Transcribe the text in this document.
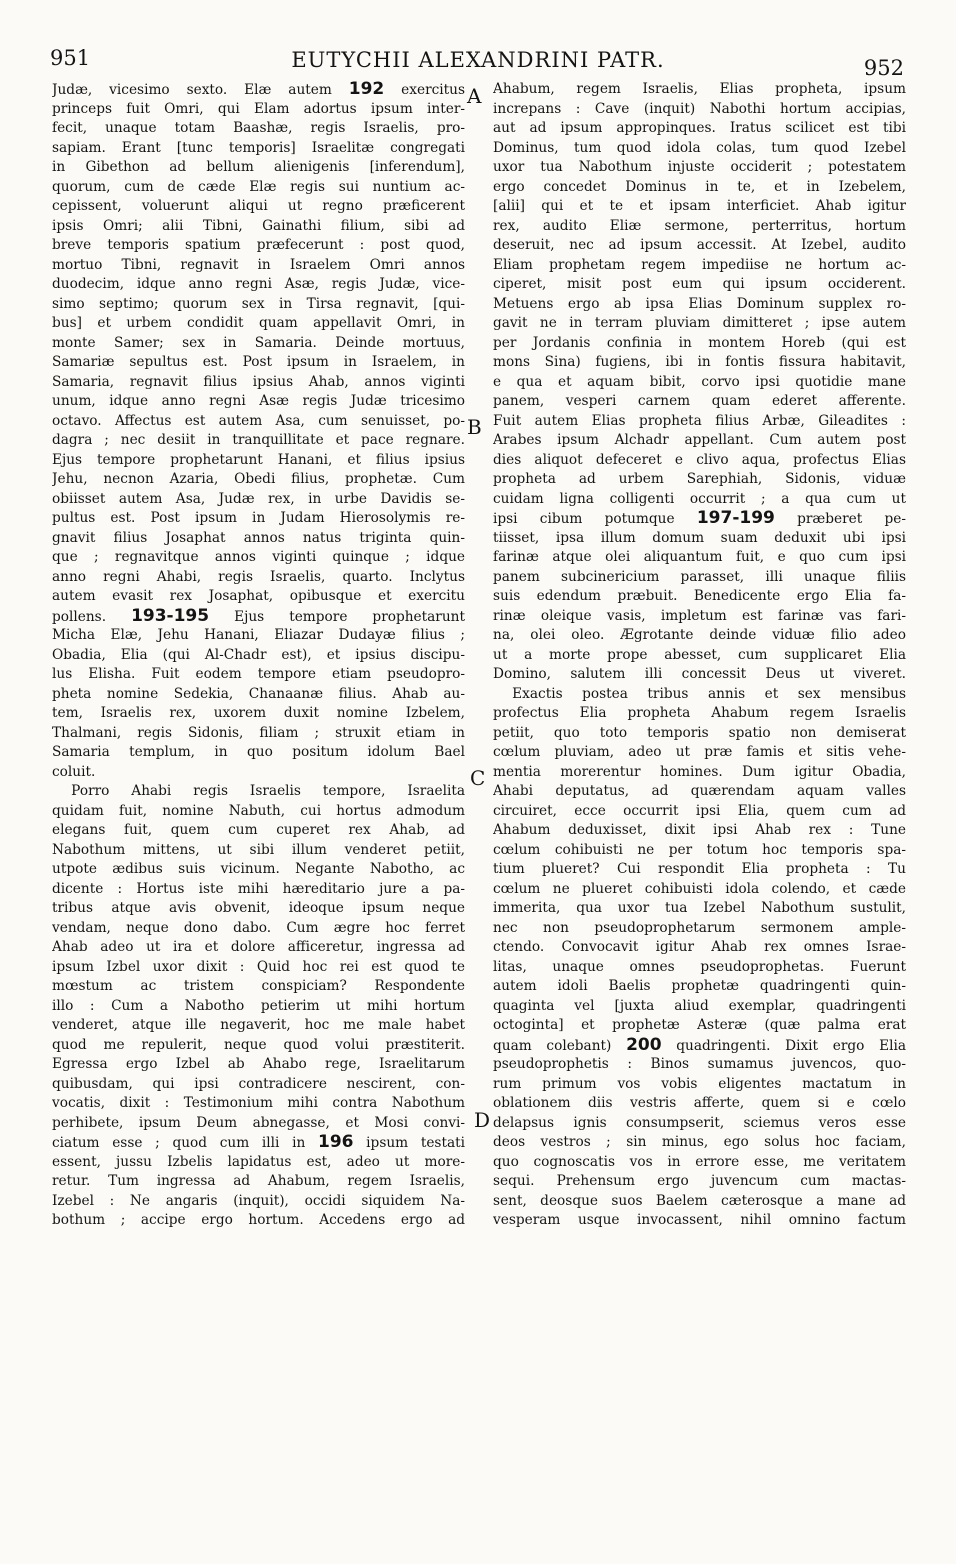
951	EUTYCHII ALEXANDRINI PATR.	952
A
B
C
D
Judæ, vicesimo sexto. Elæ autem 192 exercitus
princeps fuit Omri, qui Elam adortus ipsum inter-
fecit, unaque totam Baashæ, regis Israelis, pro-
sapiam. Erant [tunc temporis] Israelitæ congregati
in Gibethon ad bellum alienigenis [inferendum],
quorum, cum de cæde Elæ regis sui nuntium ac-
cepissent, voluerunt aliqui ut regno præficerent
ipsis Omri; alii Tibni, Gainathi filium, sibi ad
breve temporis spatium præfecerunt : post quod,
mortuo Tibni, regnavit in Israelem Omri annos
duodecim, idque anno regni Asæ, regis Judæ, vice-
simo septimo; quorum sex in Tirsa regnavit, [qui-
bus] et urbem condidit quam appellavit Omri, in
monte Samer; sex in Samaria. Deinde mortuus,
Samariæ sepultus est. Post ipsum in Israelem, in
Samaria, regnavit filius ipsius Ahab, annos viginti
unum, idque anno regni Asæ regis Judæ tricesimo
octavo. Affectus est autem Asa, cum senuisset, po-
dagra ; nec desiit in tranquillitate et pace regnare.
Ejus tempore prophetarunt Hanani, et filius ipsius
Jehu, necnon Azaria, Obedi filius, prophetæ. Cum
obiisset autem Asa, Judæ rex, in urbe Davidis se-
pultus est. Post ipsum in Judam Hierosolymis re-
gnavit filius Josaphat annos natus triginta quin-
que ; regnavitque annos viginti quinque ; idque
anno regni Ahabi, regis Israelis, quarto. Inclytus
autem evasit rex Josaphat, opibusque et exercitu
pollens. 193-195 Ejus tempore prophetarunt
Micha Elæ, Jehu Hanani, Eliazar Dudayæ filius ;
Obadia, Elia (qui Al-Chadr est), et ipsius discipu-
lus Elisha. Fuit eodem tempore etiam pseudopro-
pheta nomine Sedekia, Chanaanæ filius. Ahab au-
tem, Israelis rex, uxorem duxit nomine Izbelem,
Thalmani, regis Sidonis, filiam ; struxit etiam in
Samaria templum, in quo positum idolum Bael
coluit.
Porro Ahabi regis Israelis tempore, Israelita
quidam fuit, nomine Nabuth, cui hortus admodum
elegans fuit, quem cum cuperet rex Ahab, ad
Nabothum mittens, ut sibi illum venderet petiit,
utpote ædibus suis vicinum. Negante Nabotho, ac
dicente : Hortus iste mihi hæreditario jure a pa-
tribus atque avis obvenit, ideoque ipsum neque
vendam, neque dono dabo. Cum ægre hoc ferret
Ahab adeo ut ira et dolore afficeretur, ingressa ad
ipsum Izbel uxor dixit : Quid hoc rei est quod te
mœstum ac tristem conspiciam? Respondente
illo : Cum a Nabotho petierim ut mihi hortum
venderet, atque ille negaverit, hoc me male habet
quod me repulerit, neque quod volui præstiterit.
Egressa ergo Izbel ab Ahabo rege, Israelitarum
quibusdam, qui ipsi contradicere nescirent, con-
vocatis, dixit : Testimonium mihi contra Nabothum
perhibete, ipsum Deum abnegasse, et Mosi convi-
ciatum esse ; quod cum illi in 196 ipsum testati
essent, jussu Izbelis lapidatus est, adeo ut more-
retur. Tum ingressa ad Ahabum, regem Israelis,
Izebel : Ne angaris (inquit), occidi siquidem Na-
bothum ; accipe ergo hortum. Accedens ergo ad
Ahabum, regem Israelis, Elias propheta, ipsum
increpans : Cave (inquit) Nabothi hortum accipias,
aut ad ipsum appropinques. Iratus scilicet est tibi
Dominus, tum quod idola colas, tum quod Izebel
uxor tua Nabothum injuste occiderit ; potestatem
ergo concedet Dominus in te, et in Izebelem,
[alii] qui et te et ipsam interficiet. Ahab igitur
rex, audito Eliæ sermone, perterritus, hortum
deseruit, nec ad ipsum accessit. At Izebel, audito
Eliam prophetam regem impediise ne hortum ac-
ciperet, misit post eum qui ipsum occiderent.
Metuens ergo ab ipsa Elias Dominum supplex ro-
gavit ne in terram pluviam dimitteret ; ipse autem
per Jordanis confinia in montem Horeb (qui est
mons Sina) fugiens, ibi in fontis fissura habitavit,
e qua et aquam bibit, corvo ipsi quotidie mane
panem, vesperi carnem quam ederet afferente.
Fuit autem Elias propheta filius Arbæ, Gileadites :
Arabes ipsum Alchadr appellant. Cum autem post
dies aliquot defeceret e clivo aqua, profectus Elias
propheta ad urbem Sarephiah, Sidonis, viduæ
cuidam ligna colligenti occurrit ; a qua cum ut
ipsi cibum potumque 197-199 præberet pe-
tiisset, ipsa illum domum suam deduxit ubi ipsi
farinæ atque olei aliquantum fuit, e quo cum ipsi
panem subcinericium parasset, illi unaque filiis
suis edendum præbuit. Benedicente ergo Elia fa-
rinæ oleique vasis, impletum est farinæ vas fari-
na, olei oleo. Ægrotante deinde viduæ filio adeo
ut a morte prope abesset, cum supplicaret Elia
Domino, salutem illi concessit Deus ut viveret.
Exactis postea tribus annis et sex mensibus
profectus Elia propheta Ahabum regem Israelis
petiit, quo toto temporis spatio non demiserat
cœlum pluviam, adeo ut præ famis et sitis vehe-
mentia morerentur homines. Dum igitur Obadia,
Ahabi deputatus, ad quærendam aquam valles
circuiret, ecce occurrit ipsi Elia, quem cum ad
Ahabum deduxisset, dixit ipsi Ahab rex : Tune
cœlum cohibuisti ne per totum hoc temporis spa-
tium plueret? Cui respondit Elia propheta : Tu
cœlum ne plueret cohibuisti idola colendo, et cæde
immerita, qua uxor tua Izebel Nabothum sustulit,
nec non pseudoprophetarum sermonem ample-
ctendo. Convocavit igitur Ahab rex omnes Israe-
litas, unaque omnes pseudoprophetas. Fuerunt
autem idoli Baelis prophetæ quadringenti quin-
quaginta vel [juxta aliud exemplar, quadringenti
octoginta] et prophetæ Asteræ (quæ palma erat
quam colebant) 200 quadringenti. Dixit ergo Elia
pseudoprophetis : Binos sumamus juvencos, quo-
rum primum vos vobis eligentes mactatum in
oblationem diis vestris afferte, quem si e cœlo
delapsus ignis consumpserit, sciemus veros esse
deos vestros ; sin minus, ego solus hoc faciam,
quo cognoscatis vos in errore esse, me veritatem
sequi. Prehensum ergo juvencum cum mactas-
sent, deosque suos Baelem cæterosque a mane ad
vesperam usque invocassent, nihil omnino factum
